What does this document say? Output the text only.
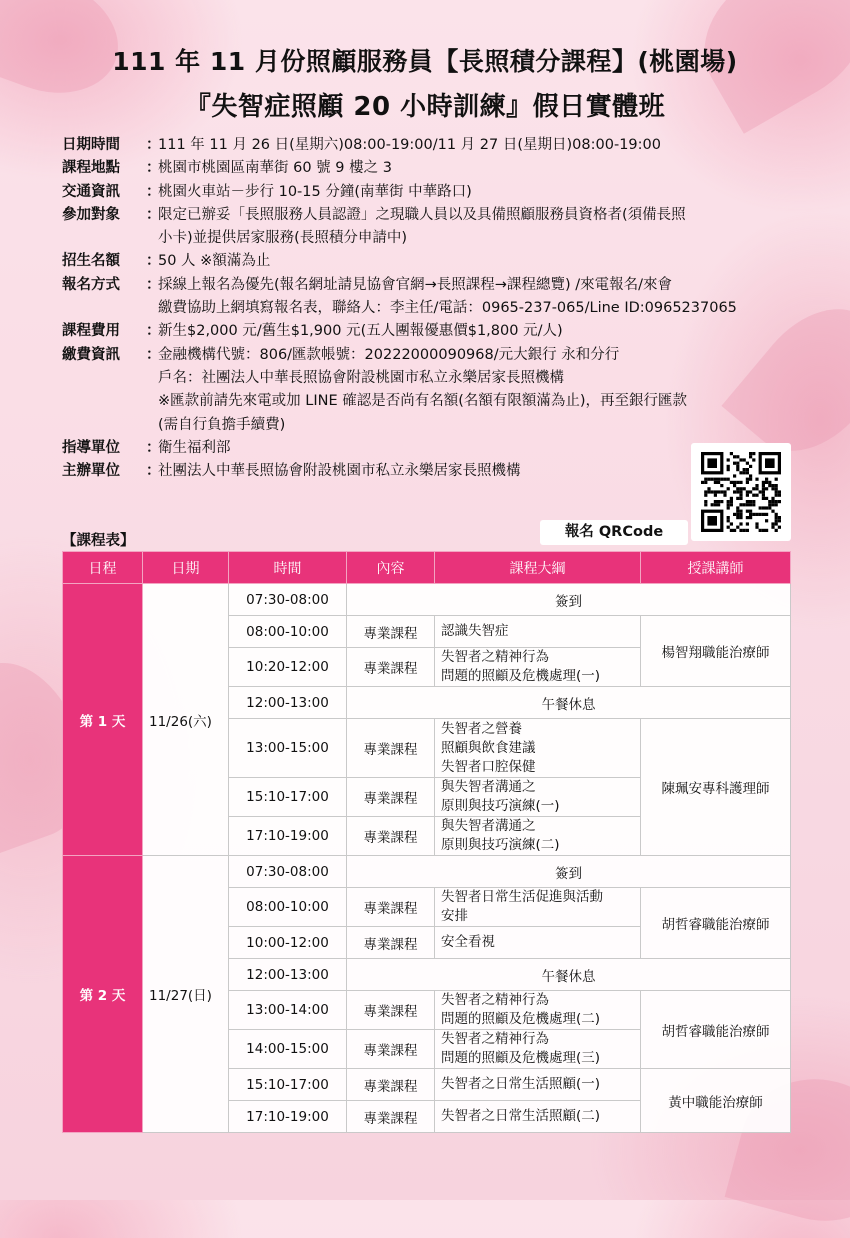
111 年 11 月份照顧服務員【長照積分課程】(桃園場)
『失智症照顧 20 小時訓練』假日實體班
日期時間	：
111 年 11 月 26 日(星期六)08:00-19:00/11 月 27 日(星期日)08:00-19:00
課程地點	：
桃園市桃園區南華街 60 號 9 樓之 3
交通資訊	：
桃園火車站－步行 10-15 分鐘(南華街 中華路口)
參加對象	：
限定已辦妥「長照服務人員認證」之現職人員以及具備照顧服務員資格者(須備長照
小卡)並提供居家服務(長照積分申請中)
招生名額	：
50 人 ※額滿為止
報名方式	：
採線上報名為優先(報名網址請見協會官網→長照課程→課程總覽) /來電報名/來會
繳費協助上網填寫報名表，聯絡人：李主任/電話：0965-237-065/Line ID:0965237065
課程費用	：
新生$2,000 元/舊生$1,900 元(五人團報優惠價$1,800 元/人)
繳費資訊	：
金融機構代號：806/匯款帳號：20222000090968/元大銀行 永和分行
戶名：社團法人中華長照協會附設桃園市私立永樂居家長照機構
※匯款前請先來電或加 LINE 確認是否尚有名額(名額有限額滿為止)，再至銀行匯款
(需自行負擔手續費)
指導單位	：
衛生福利部
主辦單位	：
社團法人中華長照協會附設桃園市私立永樂居家長照機構
報名 QRCode
【課程表】
日程	日期	時間	內容	課程大綱	授課講師
第 1 天	11/26(六)	07:30-08:00	簽到		
		08:00-10:00	專業課程	認識失智症	楊智翔職能治療師
		10:20-12:00	專業課程	失智者之精神行為
問題的照顧及危機處理(一)	

		12:00-13:00	午餐休息		
		13:00-15:00	專業課程	失智者之營養
照顧與飲食建議
失智者口腔保健	陳珮安專科護理師
		15:10-17:00	專業課程	與失智者溝通之
原則與技巧演練(一)	

		17:10-19:00	專業課程	與失智者溝通之
原則與技巧演練(二)	

第 2 天	11/27(日)	07:30-08:00	簽到		
		08:00-10:00	專業課程	失智者日常生活促進與活動
安排	胡哲睿職能治療師
		10:00-12:00	專業課程	安全看視	

		12:00-13:00	午餐休息		
		13:00-14:00	專業課程	失智者之精神行為
問題的照顧及危機處理(二)	胡哲睿職能治療師
		14:00-15:00	專業課程	失智者之精神行為
問題的照顧及危機處理(三)	

		15:10-17:00	專業課程	失智者之日常生活照顧(一)	黃中職能治療師
		17:10-19:00	專業課程	失智者之日常生活照顧(二)	
